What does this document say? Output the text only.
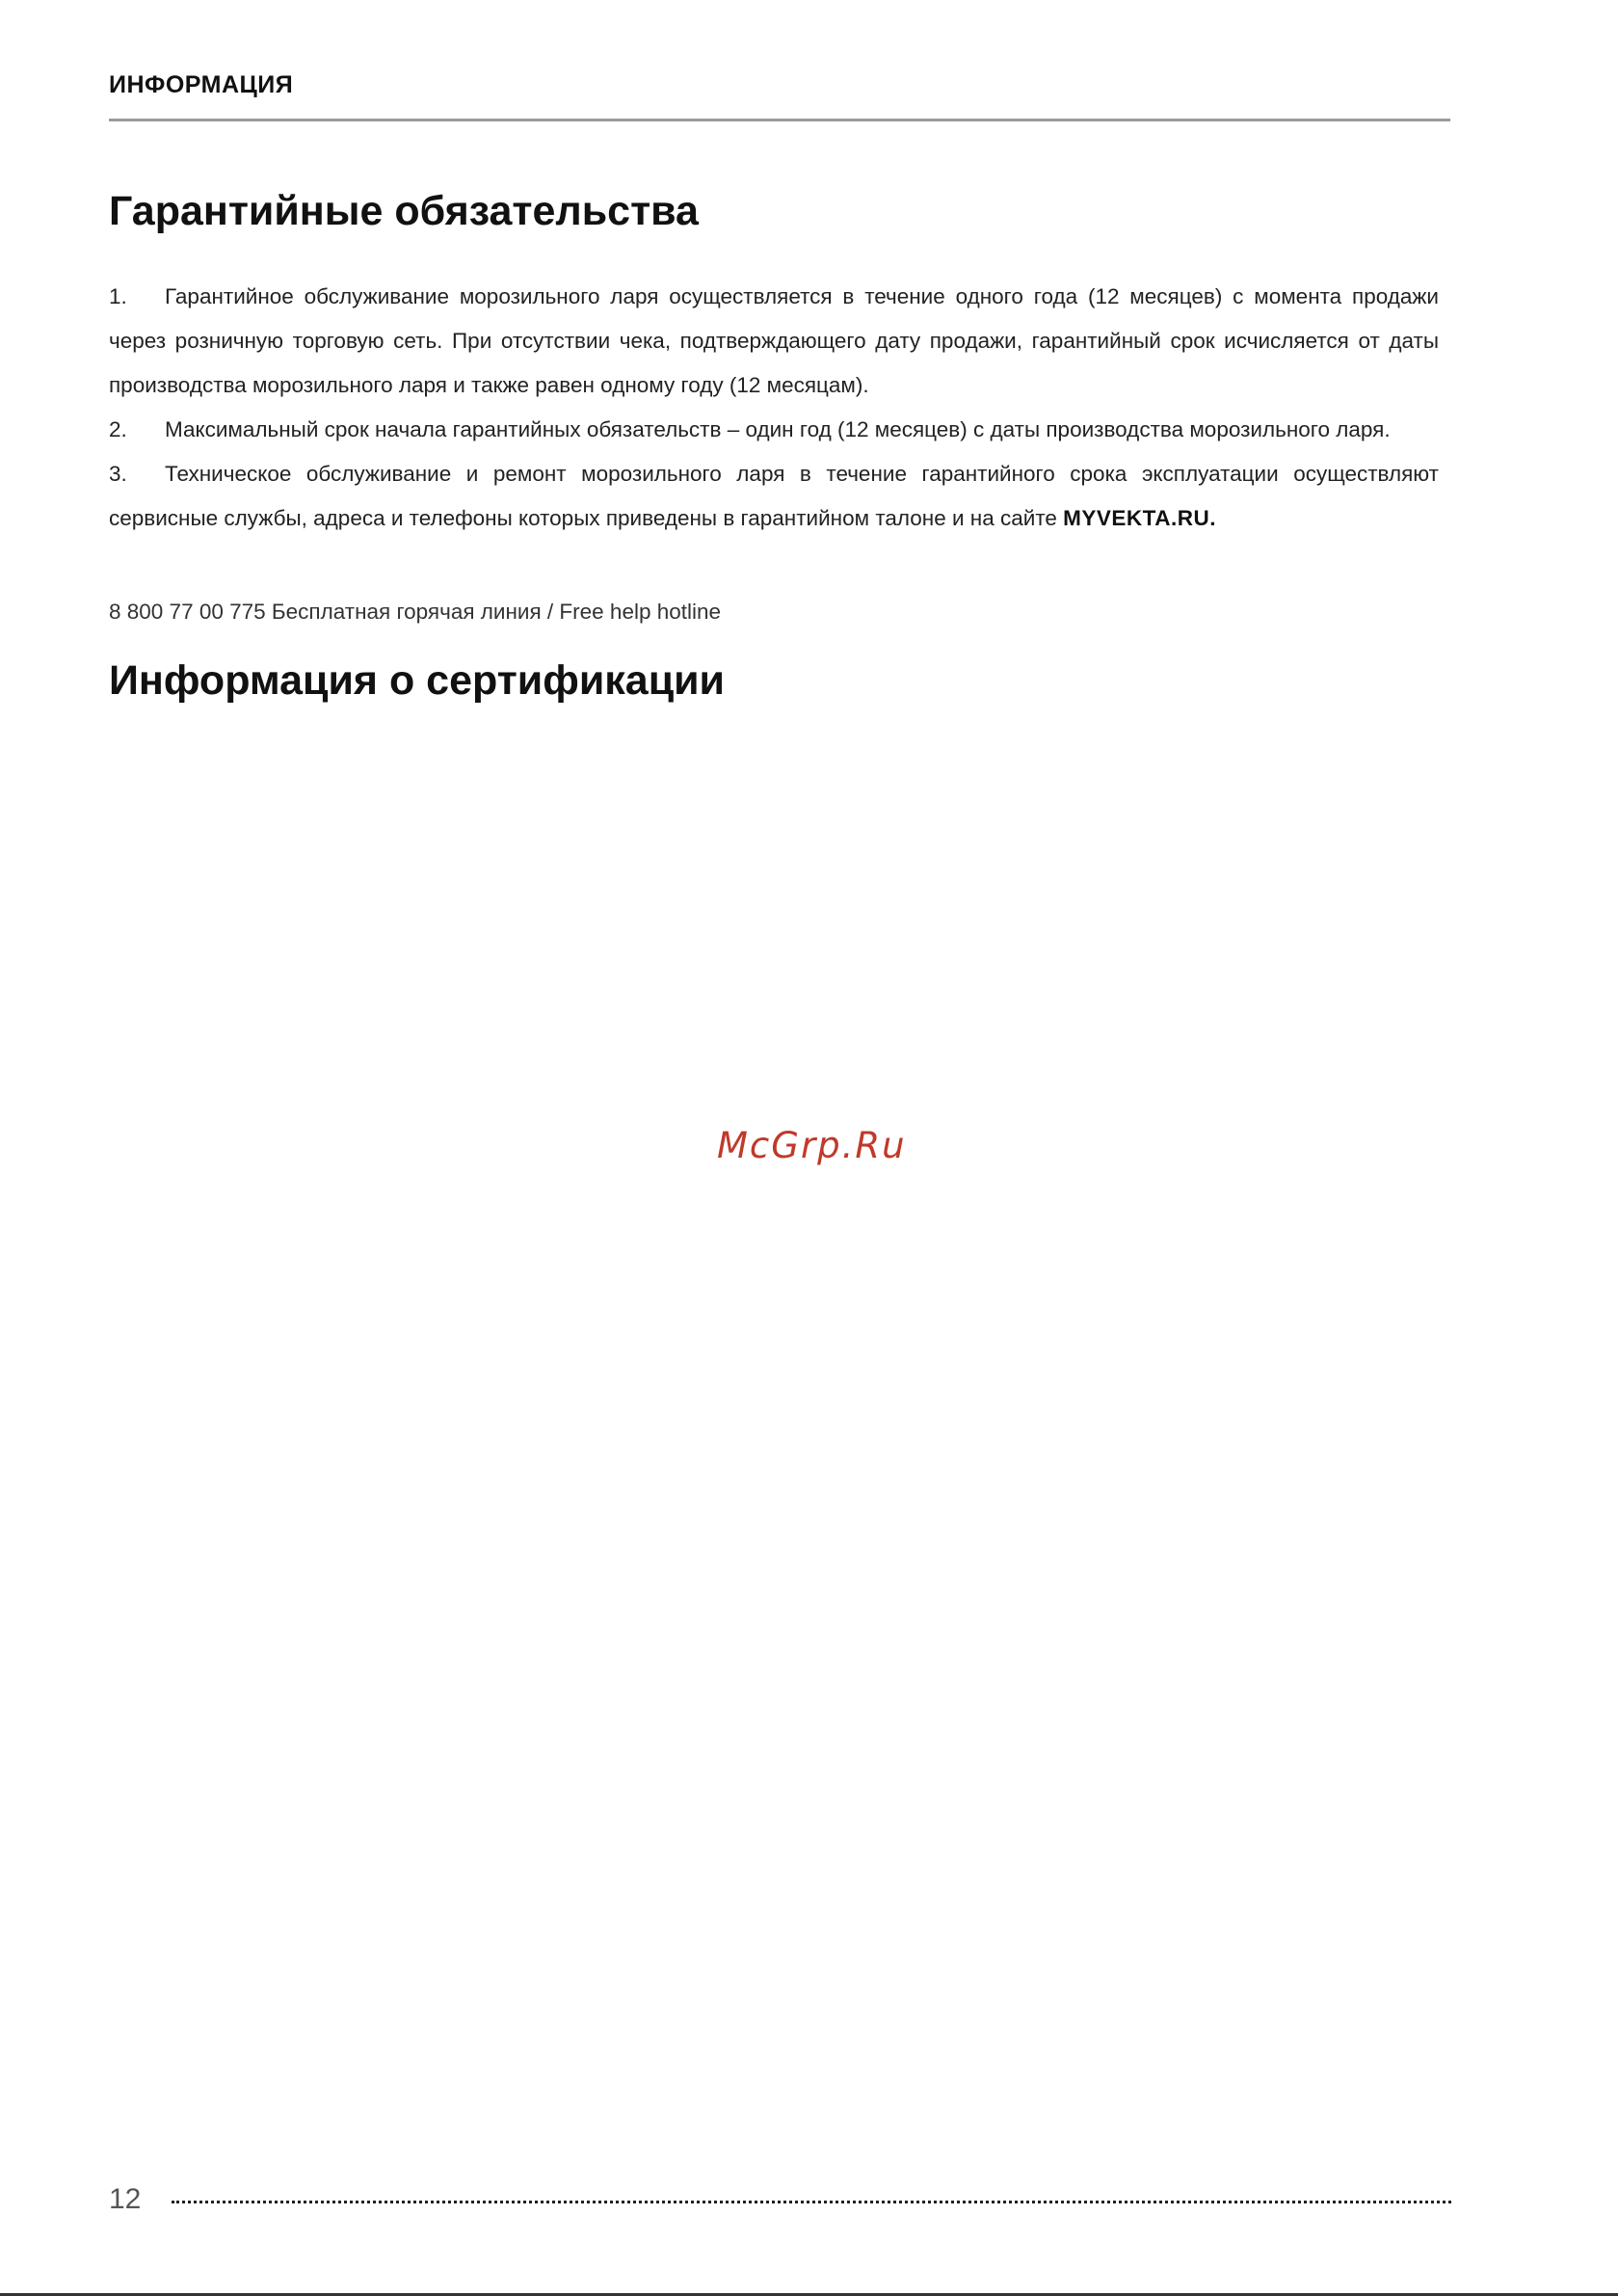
ИНФОРМАЦИЯ
Гарантийные обязательства

1. Гарантийное обслуживание морозильного ларя осуществляется в течение одного года (12 месяцев) с момента продажи через розничную торговую сеть. При отсутствии чека, подтверждающего дату продажи, гарантийный срок исчисляется от даты производства морозильного ларя и также равен одному году (12 месяцам).

2. Максимальный срок начала гарантийных обязательств – один год (12 месяцев) с даты производства морозильного ларя.

3. Техническое обслуживание и ремонт морозильного ларя в течение гарантийного срока эксплуатации осуществляют сервисные службы, адреса и телефоны которых приведены в гарантийном талоне и на сайте MYVEKTA.RU.

8 800 77 00 775 Бесплатная горячая линия / Free help hotline
Информация о сертификации
McGrp.Ru
12
